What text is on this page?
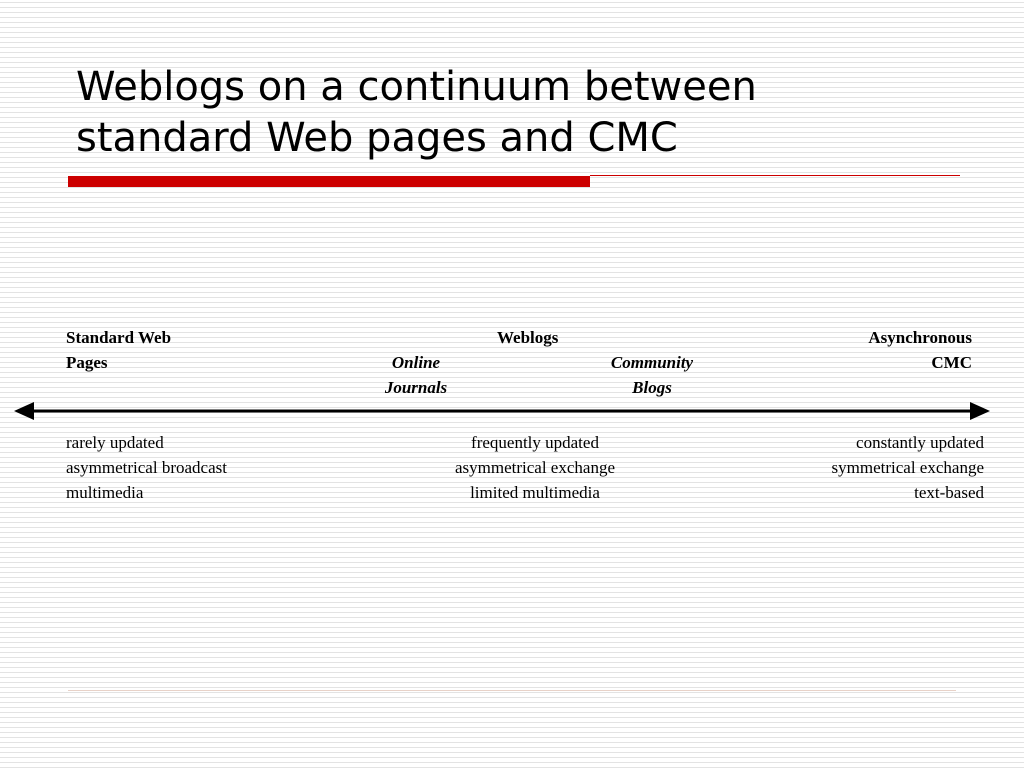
Weblogs on a continuum between
standard Web pages and CMC
Standard Web
Pages
Weblogs
Online
Journals
Community
Blogs
Asynchronous
CMC
rarely updated
asymmetrical broadcast
multimedia
frequently updated
asymmetrical exchange
limited multimedia
constantly updated
symmetrical exchange
text-based
